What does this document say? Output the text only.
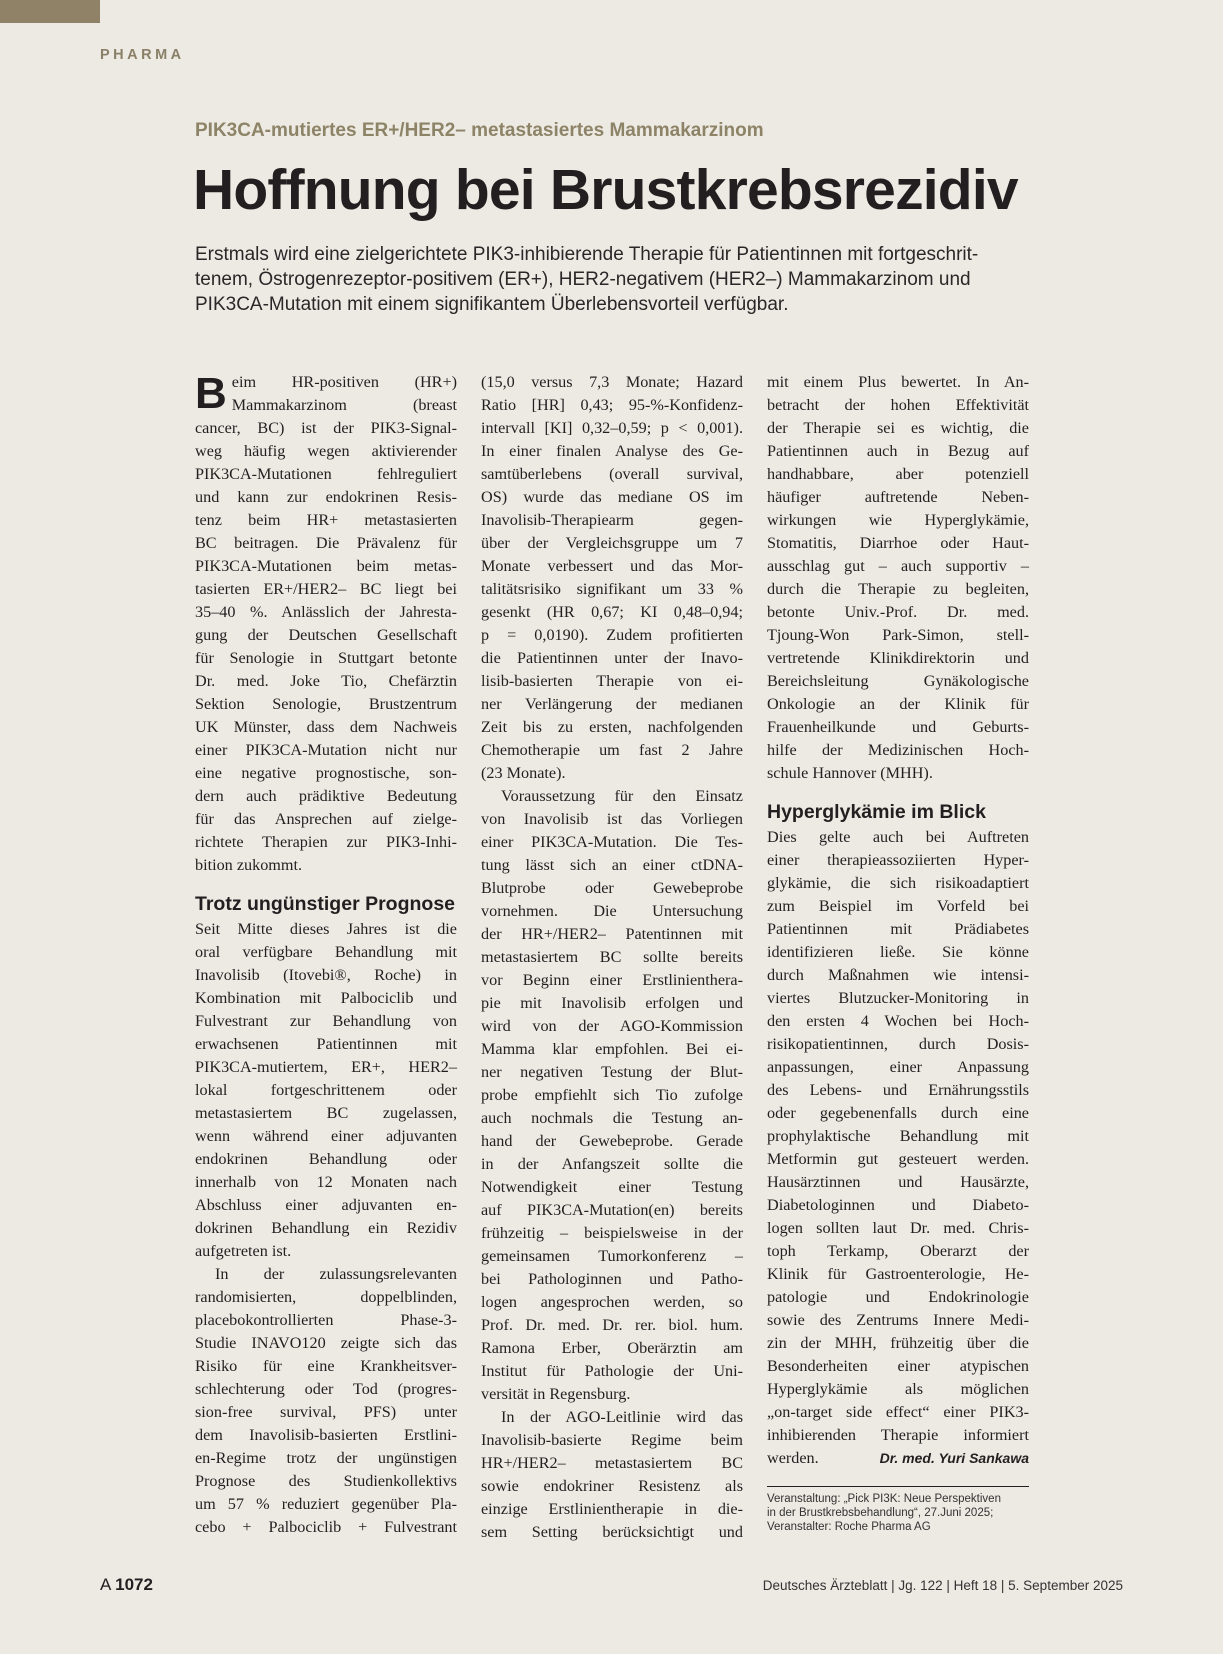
PHARMA
PIK3CA-mutiertes ER+/HER2– metastasiertes Mammakarzinom
Hoffnung bei Brustkrebsrezidiv
Erstmals wird eine zielgerichtete PIK3-inhibierende Therapie für Patientinnen mit fortgeschrit-
tenem, Östrogenrezeptor-positivem (ER+), HER2-negativem (HER2–) Mammakarzinom und
PIK3CA-Mutation mit einem signifikantem Überlebensvorteil verfügbar.
B eim HR-positiven (HR+)
Mammakarzinom (breast
cancer, BC) ist der PIK3-Signal-
weg häufig wegen aktivierender
PIK3CA-Mutationen fehlreguliert
und kann zur endokrinen Resis-
tenz beim HR+ metastasierten
BC beitragen. Die Prävalenz für
PIK3CA-Mutationen beim metas-
tasierten ER+/HER2– BC liegt bei
35–40 %. Anlässlich der Jahresta-
gung der Deutschen Gesellschaft
für Senologie in Stuttgart betonte
Dr. med. Joke Tio, Chefärztin
Sektion Senologie, Brustzentrum
UK Münster, dass dem Nachweis
einer PIK3CA-Mutation nicht nur
eine negative prognostische, son-
dern auch prädiktive Bedeutung
für das Ansprechen auf zielge-
richtete Therapien zur PIK3-Inhi-
bition zukommt.
Trotz ungünstiger Prognose
Seit Mitte dieses Jahres ist die
oral verfügbare Behandlung mit
Inavolisib (Itovebi®, Roche) in
Kombination mit Palbociclib und
Fulvestrant zur Behandlung von
erwachsenen Patientinnen mit
PIK3CA-mutiertem, ER+, HER2–
lokal fortgeschrittenem oder
metastasiertem BC zugelassen,
wenn während einer adjuvanten
endokrinen Behandlung oder
innerhalb von 12 Monaten nach
Abschluss einer adjuvanten en-
dokrinen Behandlung ein Rezidiv
aufgetreten ist.
In der zulassungsrelevanten
randomisierten, doppelblinden,
placebokontrollierten Phase-3-
Studie INAVO120 zeigte sich das
Risiko für eine Krankheitsver-
schlechterung oder Tod (progres-
sion-free survival, PFS) unter
dem Inavolisib-basierten Erstlini-
en-Regime trotz der ungünstigen
Prognose des Studienkollektivs
um 57 % reduziert gegenüber Pla-
cebo + Palbociclib + Fulvestrant
(15,0 versus 7,3 Monate; Hazard
Ratio [HR] 0,43; 95-%-Konfidenz-
intervall [KI] 0,32–0,59; p < 0,001).
In einer finalen Analyse des Ge-
samtüberlebens (overall survival,
OS) wurde das mediane OS im
Inavolisib-Therapiearm gegen-
über der Vergleichsgruppe um 7
Monate verbessert und das Mor-
talitätsrisiko signifikant um 33 %
gesenkt (HR 0,67; KI 0,48–0,94;
p = 0,0190). Zudem profitierten
die Patientinnen unter der Inavo-
lisib-basierten Therapie von ei-
ner Verlängerung der medianen
Zeit bis zu ersten, nachfolgenden
Chemotherapie um fast 2 Jahre
(23 Monate).
Voraussetzung für den Einsatz
von Inavolisib ist das Vorliegen
einer PIK3CA-Mutation. Die Tes-
tung lässt sich an einer ctDNA-
Blutprobe oder Gewebeprobe
vornehmen. Die Untersuchung
der HR+/HER2– Patentinnen mit
metastasiertem BC sollte bereits
vor Beginn einer Erstlinienthera-
pie mit Inavolisib erfolgen und
wird von der AGO-Kommission
Mamma klar empfohlen. Bei ei-
ner negativen Testung der Blut-
probe empfiehlt sich Tio zufolge
auch nochmals die Testung an-
hand der Gewebeprobe. Gerade
in der Anfangszeit sollte die
Notwendigkeit einer Testung
auf PIK3CA-Mutation(en) bereits
frühzeitig – beispielsweise in der
gemeinsamen Tumorkonferenz –
bei Pathologinnen und Patho-
logen angesprochen werden, so
Prof. Dr. med. Dr. rer. biol. hum.
Ramona Erber, Oberärztin am
Institut für Pathologie der Uni-
versität in Regensburg.
In der AGO-Leitlinie wird das
Inavolisib-basierte Regime beim
HR+/HER2– metastasiertem BC
sowie endokriner Resistenz als
einzige Erstlinientherapie in die-
sem Setting berücksichtigt und
mit einem Plus bewertet. In An-
betracht der hohen Effektivität
der Therapie sei es wichtig, die
Patientinnen auch in Bezug auf
handhabbare, aber potenziell
häufiger auftretende Neben-
wirkungen wie Hyperglykämie,
Stomatitis, Diarrhoe oder Haut-
ausschlag gut – auch supportiv –
durch die Therapie zu begleiten,
betonte Univ.-Prof. Dr. med.
Tjoung-Won Park-Simon, stell-
vertretende Klinikdirektorin und
Bereichsleitung Gynäkologische
Onkologie an der Klinik für
Frauenheilkunde und Geburts-
hilfe der Medizinischen Hoch-
schule Hannover (MHH).
Hyperglykämie im Blick
Dies gelte auch bei Auftreten
einer therapieassoziierten Hyper-
glykämie, die sich risikoadaptiert
zum Beispiel im Vorfeld bei
Patientinnen mit Prädiabetes
identifizieren ließe. Sie könne
durch Maßnahmen wie intensi-
viertes Blutzucker-Monitoring in
den ersten 4 Wochen bei Hoch-
risikopatientinnen, durch Dosis-
anpassungen, einer Anpassung
des Lebens- und Ernährungsstils
oder gegebenenfalls durch eine
prophylaktische Behandlung mit
Metformin gut gesteuert werden.
Hausärztinnen und Hausärzte,
Diabetologinnen und Diabeto-
logen sollten laut Dr. med. Chris-
toph Terkamp, Oberarzt der
Klinik für Gastroenterologie, He-
patologie und Endokrinologie
sowie des Zentrums Innere Medi-
zin der MHH, frühzeitig über die
Besonderheiten einer atypischen
Hyperglykämie als möglichen
„on-target side effect“ einer PIK3-
inhibierenden Therapie informiert
werden.	Dr. med. Yuri Sankawa
Veranstaltung: „Pick PI3K: Neue Perspektiven
in der Brustkrebsbehandlung“, 27.Juni 2025;
Veranstalter: Roche Pharma AG
A 1072	Deutsches Ärzteblatt | Jg. 122 | Heft 18 | 5. September 2025
